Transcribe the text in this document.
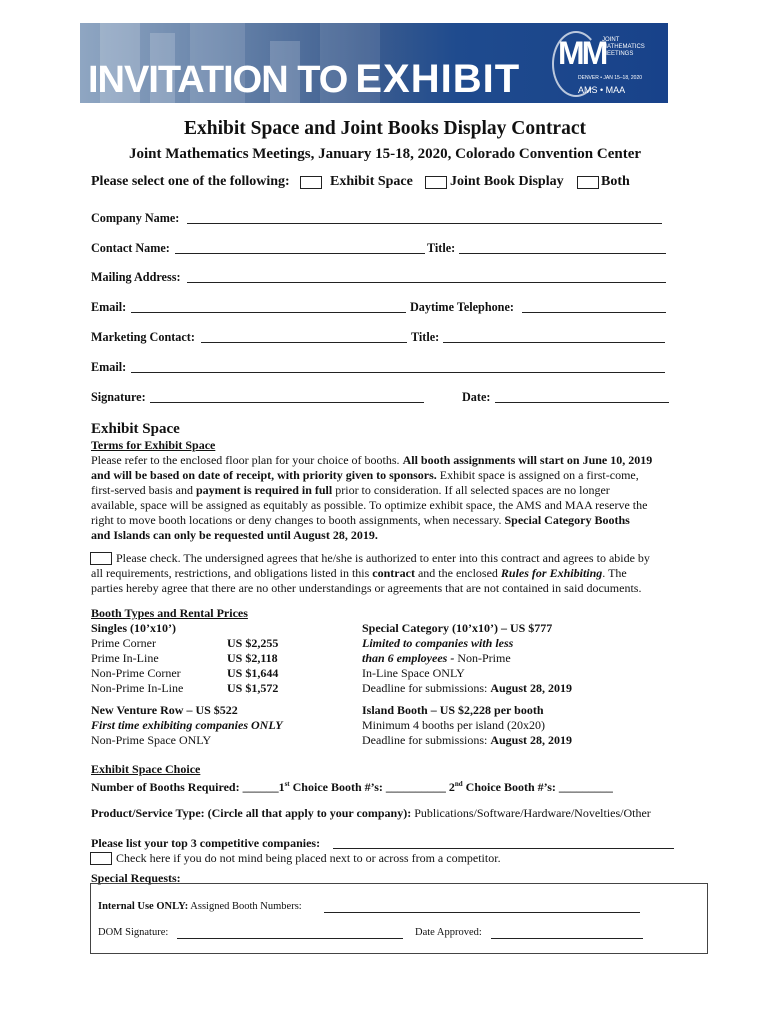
INVITATION TO EXHIBIT
MM
JOINT MATHEMATICS MEETINGS
DENVER • JAN 15–18, 2020
AMS • MAA
Exhibit Space and Joint Books Display Contract
Joint Mathematics Meetings, January 15-18, 2020, Colorado Convention Center
Please select one of the following:	Exhibit Space	Joint Book Display	Both
Company Name:
Contact Name:	Title:
Mailing Address:
Email:	Daytime Telephone:
Marketing Contact:	Title:
Email:
Signature:	Date:
Exhibit Space
Terms for Exhibit Space
Please refer to the enclosed floor plan for your choice of booths. All booth assignments will start on June 10, 2019
and will be based on date of receipt, with priority given to sponsors. Exhibit space is assigned on a first-come,
first-served basis and payment is required in full prior to consideration. If all selected spaces are no longer
available, space will be assigned as equitably as possible. To optimize exhibit space, the AMS and MAA reserve the
right to move booth locations or deny changes to booth assignments, when necessary. Special Category Booths
and Islands can only be requested until August 28, 2019.
Please check. The undersigned agrees that he/she is authorized to enter into this contract and agrees to abide by
all requirements, restrictions, and obligations listed in this contract and the enclosed Rules for Exhibiting. The
parties hereby agree that there are no other understandings or agreements that are not contained in said documents.
Booth Types and Rental Prices
Singles (10’x10’)
Prime Corner	US $2,255
Prime In-Line	US $2,118
Non-Prime Corner	US $1,644
Non-Prime In-Line	US $1,572
Special Category (10’x10’) – US $777
Limited to companies with less
than 6 employees - Non-Prime
In-Line Space ONLY
Deadline for submissions: August 28, 2019
New Venture Row – US $522
First time exhibiting companies ONLY
Non-Prime Space ONLY
Island Booth – US $2,228 per booth
Minimum 4 booths per island (20x20)
Deadline for submissions: August 28, 2019
Exhibit Space Choice
Number of Booths Required: ______1st Choice Booth #’s: __________ 2nd Choice Booth #’s: _________
Product/Service Type: (Circle all that apply to your company): Publications/Software/Hardware/Novelties/Other
Please list your top 3 competitive companies:
Check here if you do not mind being placed next to or across from a competitor.
Special Requests:
Internal Use ONLY: Assigned Booth Numbers:
DOM Signature:	Date Approved:
